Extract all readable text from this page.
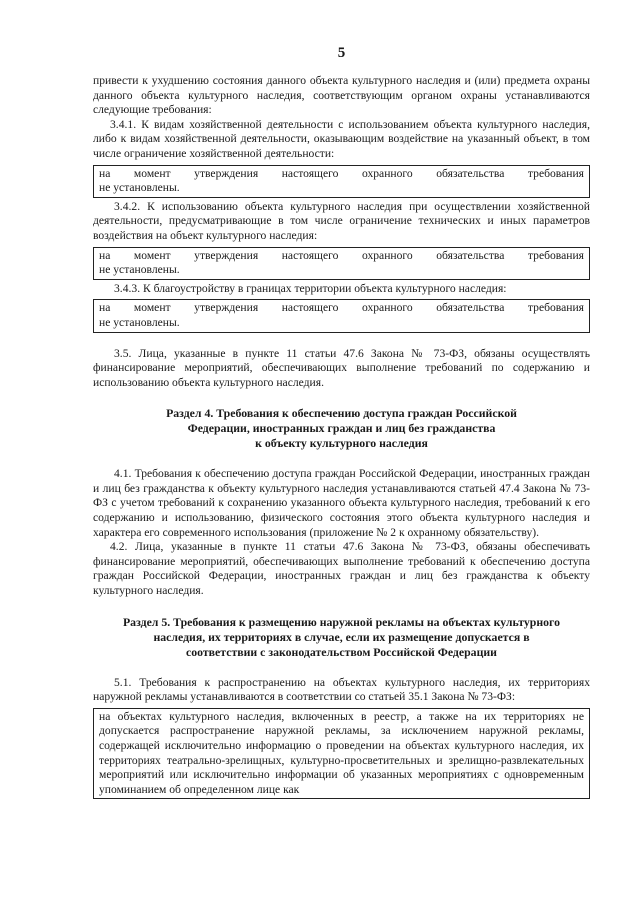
5

привести к ухудшению состояния данного объекта культурного наследия и (или) предмета охраны данного объекта культурного наследия, соответствующим органом охраны устанавливаются следующие требования:

3.4.1. К видам хозяйственной деятельности с использованием объекта культурного наследия, либо к видам хозяйственной деятельности, оказывающим воздействие на указанный объект, в том числе ограничение хозяйственной деятельности:

на момент утверждения настоящего охранного обязательства требования
не установлены.

3.4.2. К использованию объекта культурного наследия при осуществлении хозяйственной деятельности, предусматривающие в том числе ограничение технических и иных параметров воздействия на объект культурного наследия:

на момент утверждения настоящего охранного обязательства требования
не установлены.

3.4.3. К благоустройству в границах территории объекта культурного наследия:

на момент утверждения настоящего охранного обязательства требования
не установлены.

3.5. Лица, указанные в пункте 11 статьи 47.6 Закона № 73-ФЗ, обязаны осуществлять финансирование мероприятий, обеспечивающих выполнение требований по содержанию и использованию объекта культурного наследия.

Раздел 4. Требования к обеспечению доступа граждан Российской
Федерации, иностранных граждан и лиц без гражданства
к объекту культурного наследия

4.1. Требования к обеспечению доступа граждан Российской Федерации, иностранных граждан и лиц без гражданства к объекту культурного наследия устанавливаются статьей 47.4 Закона № 73-ФЗ с учетом требований к сохранению указанного объекта культурного наследия, требований к его содержанию и использованию, физического состояния этого объекта культурного наследия и характера его современного использования (приложение № 2 к охранному обязательству).

4.2. Лица, указанные в пункте 11 статьи 47.6 Закона № 73-ФЗ, обязаны обеспечивать финансирование мероприятий, обеспечивающих выполнение требований к обеспечению доступа граждан Российской Федерации, иностранных граждан и лиц без гражданства к объекту культурного наследия.

Раздел 5. Требования к размещению наружной рекламы на объектах культурного
наследия, их территориях в случае, если их размещение допускается в
соответствии с законодательством Российской Федерации

5.1. Требования к распространению на объектах культурного наследия, их территориях наружной рекламы устанавливаются в соответствии со статьей 35.1 Закона № 73-ФЗ:

на объектах культурного наследия, включенных в реестр, а также на их территориях не допускается распространение наружной рекламы, за исключением наружной рекламы, содержащей исключительно информацию о проведении на объектах культурного наследия, их территориях театрально-зрелищных, культурно-просветительных и зрелищно-развлекательных мероприятий или исключительно информации об указанных мероприятиях с одновременным упоминанием об определенном лице как
